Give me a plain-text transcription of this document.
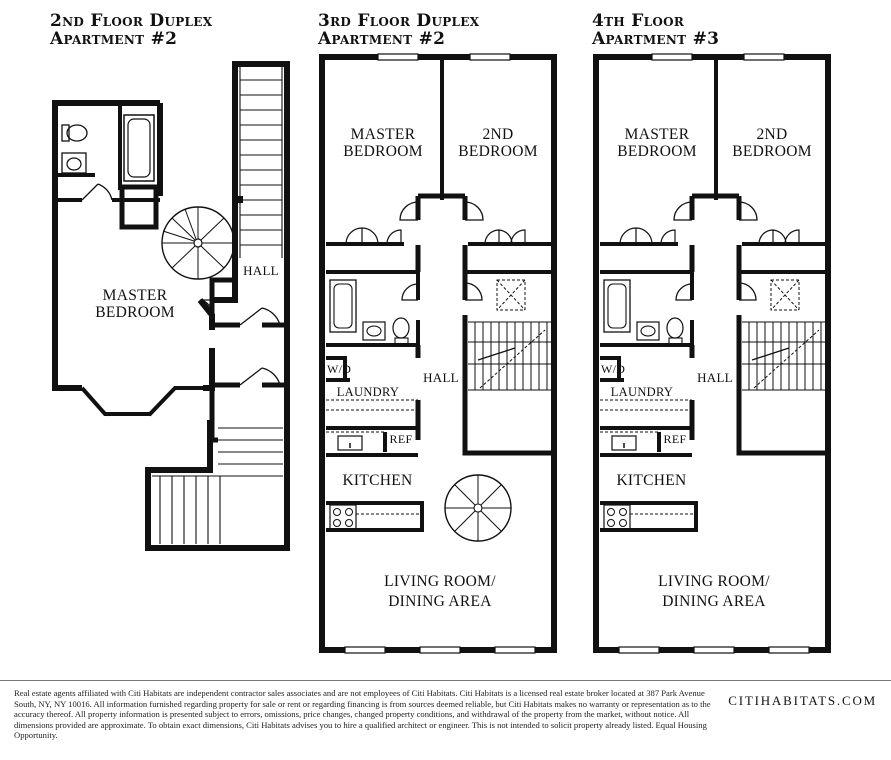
2nd Floor Duplex
Apartment #2
3rd Floor Duplex
Apartment #2
4th Floor
Apartment #3
MASTER
BEDROOM
HALL
MASTER
BEDROOM
2ND
BEDROOM
HALL
W/D
LAUNDRY
REF
KITCHEN
LIVING ROOM/
DINING AREA
MASTER
BEDROOM
2ND
BEDROOM
HALL
W/D
LAUNDRY
REF
KITCHEN
LIVING ROOM/
DINING AREA
Real estate agents affiliated with Citi Habitats are independent contractor sales associates and are not employees of Citi Habitats. Citi Habitats is a licensed real estate broker located at 387 Park Avenue South, NY, NY 10016. All information furnished regarding property for sale or rent or regarding financing is from sources deemed reliable, but Citi Habitats makes no warranty or representation as to the accuracy thereof. All property information is presented subject to errors, omissions, price changes, changed property conditions, and withdrawal of the property from the market, without notice. All dimensions provided are approximate. To obtain exact dimensions, Citi Habitats advises you to hire a qualified architect or engineer. This is not intended to solicit property already listed. Equal Housing Opportunity.
CITIHABITATS.COM
